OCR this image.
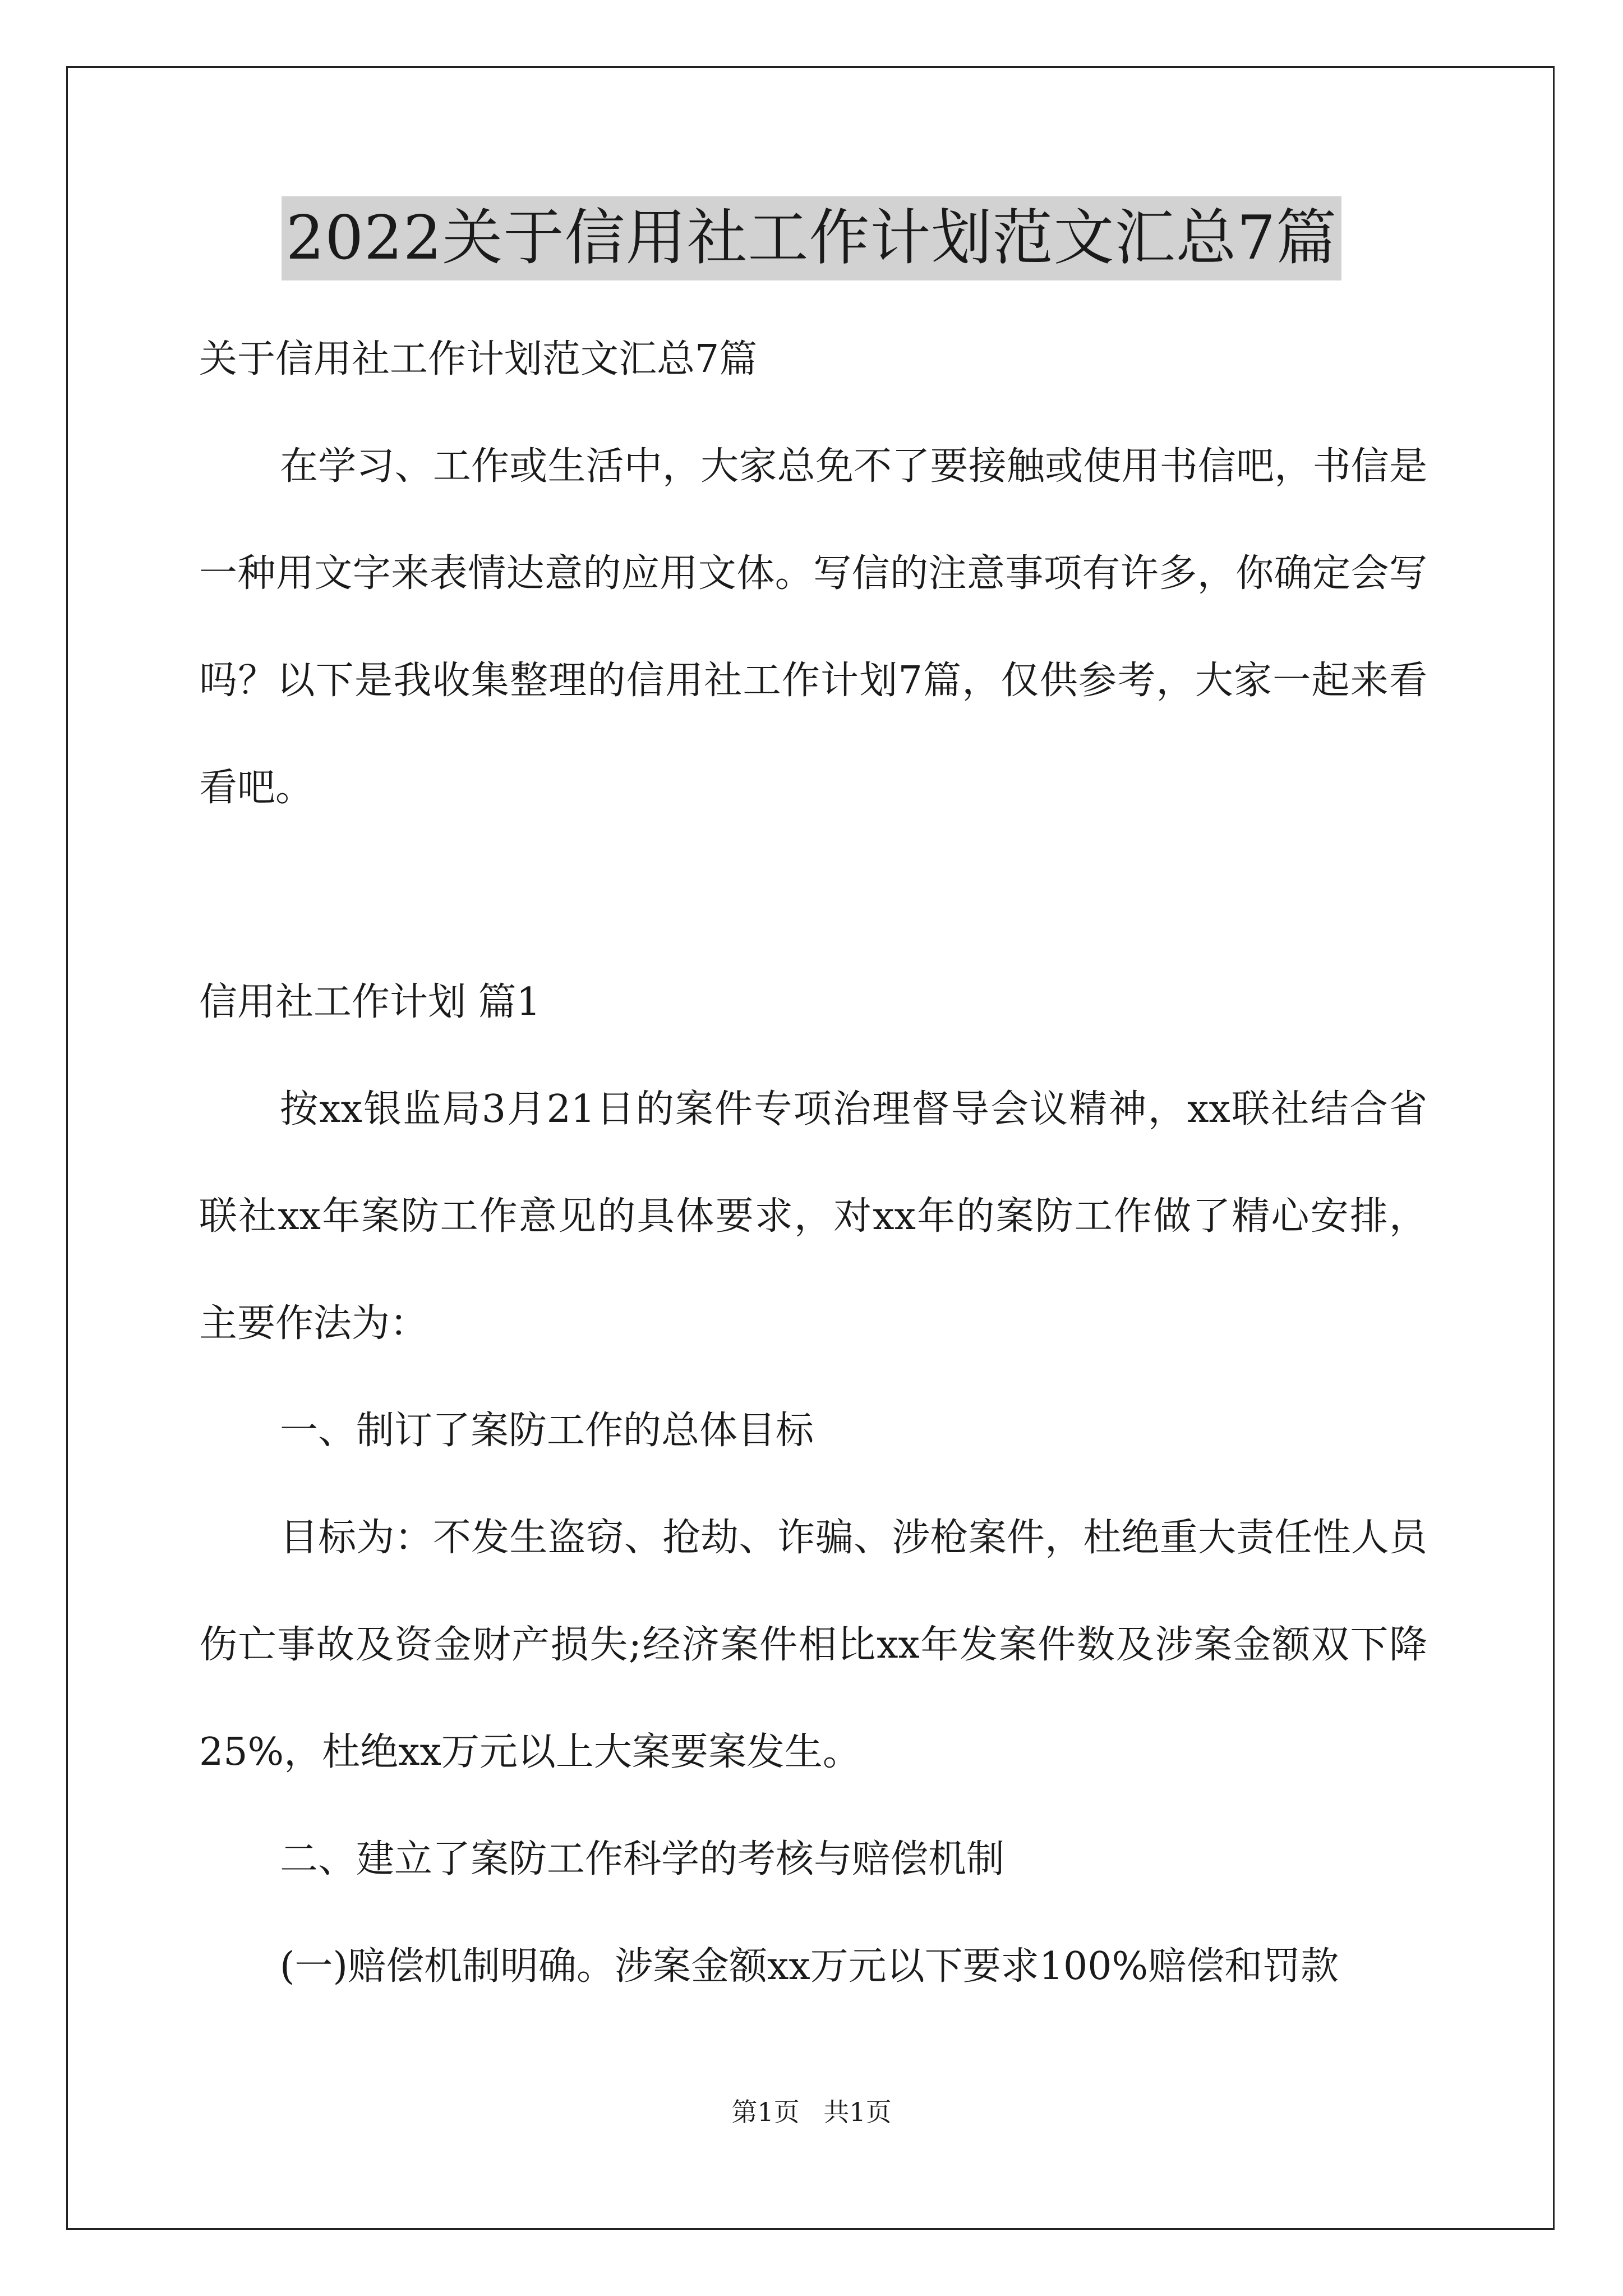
2022关于信用社工作计划范文汇总7篇

关于信用社工作计划范文汇总7篇

在学习、工作或生活中，大家总免不了要接触或使用书信吧，书信是一种用文字来表情达意的应用文体。写信的注意事项有许多，你确定会写吗？以下是我收集整理的信用社工作计划7篇，仅供参考，大家一起来看看吧。

信用社工作计划 篇1

按xx银监局3月21日的案件专项治理督导会议精神，xx联社结合省联社xx年案防工作意见的具体要求，对xx年的案防工作做了精心安排，主要作法为：

一、制订了案防工作的总体目标

目标为：不发生盗窃、抢劫、诈骗、涉枪案件，杜绝重大责任性人员伤亡事故及资金财产损失;经济案件相比xx年发案件数及涉案金额双下降25%，杜绝xx万元以上大案要案发生。

二、建立了案防工作科学的考核与赔偿机制

(一)赔偿机制明确。涉案金额xx万元以下要求100%赔偿和罚款

第1页 共1页
